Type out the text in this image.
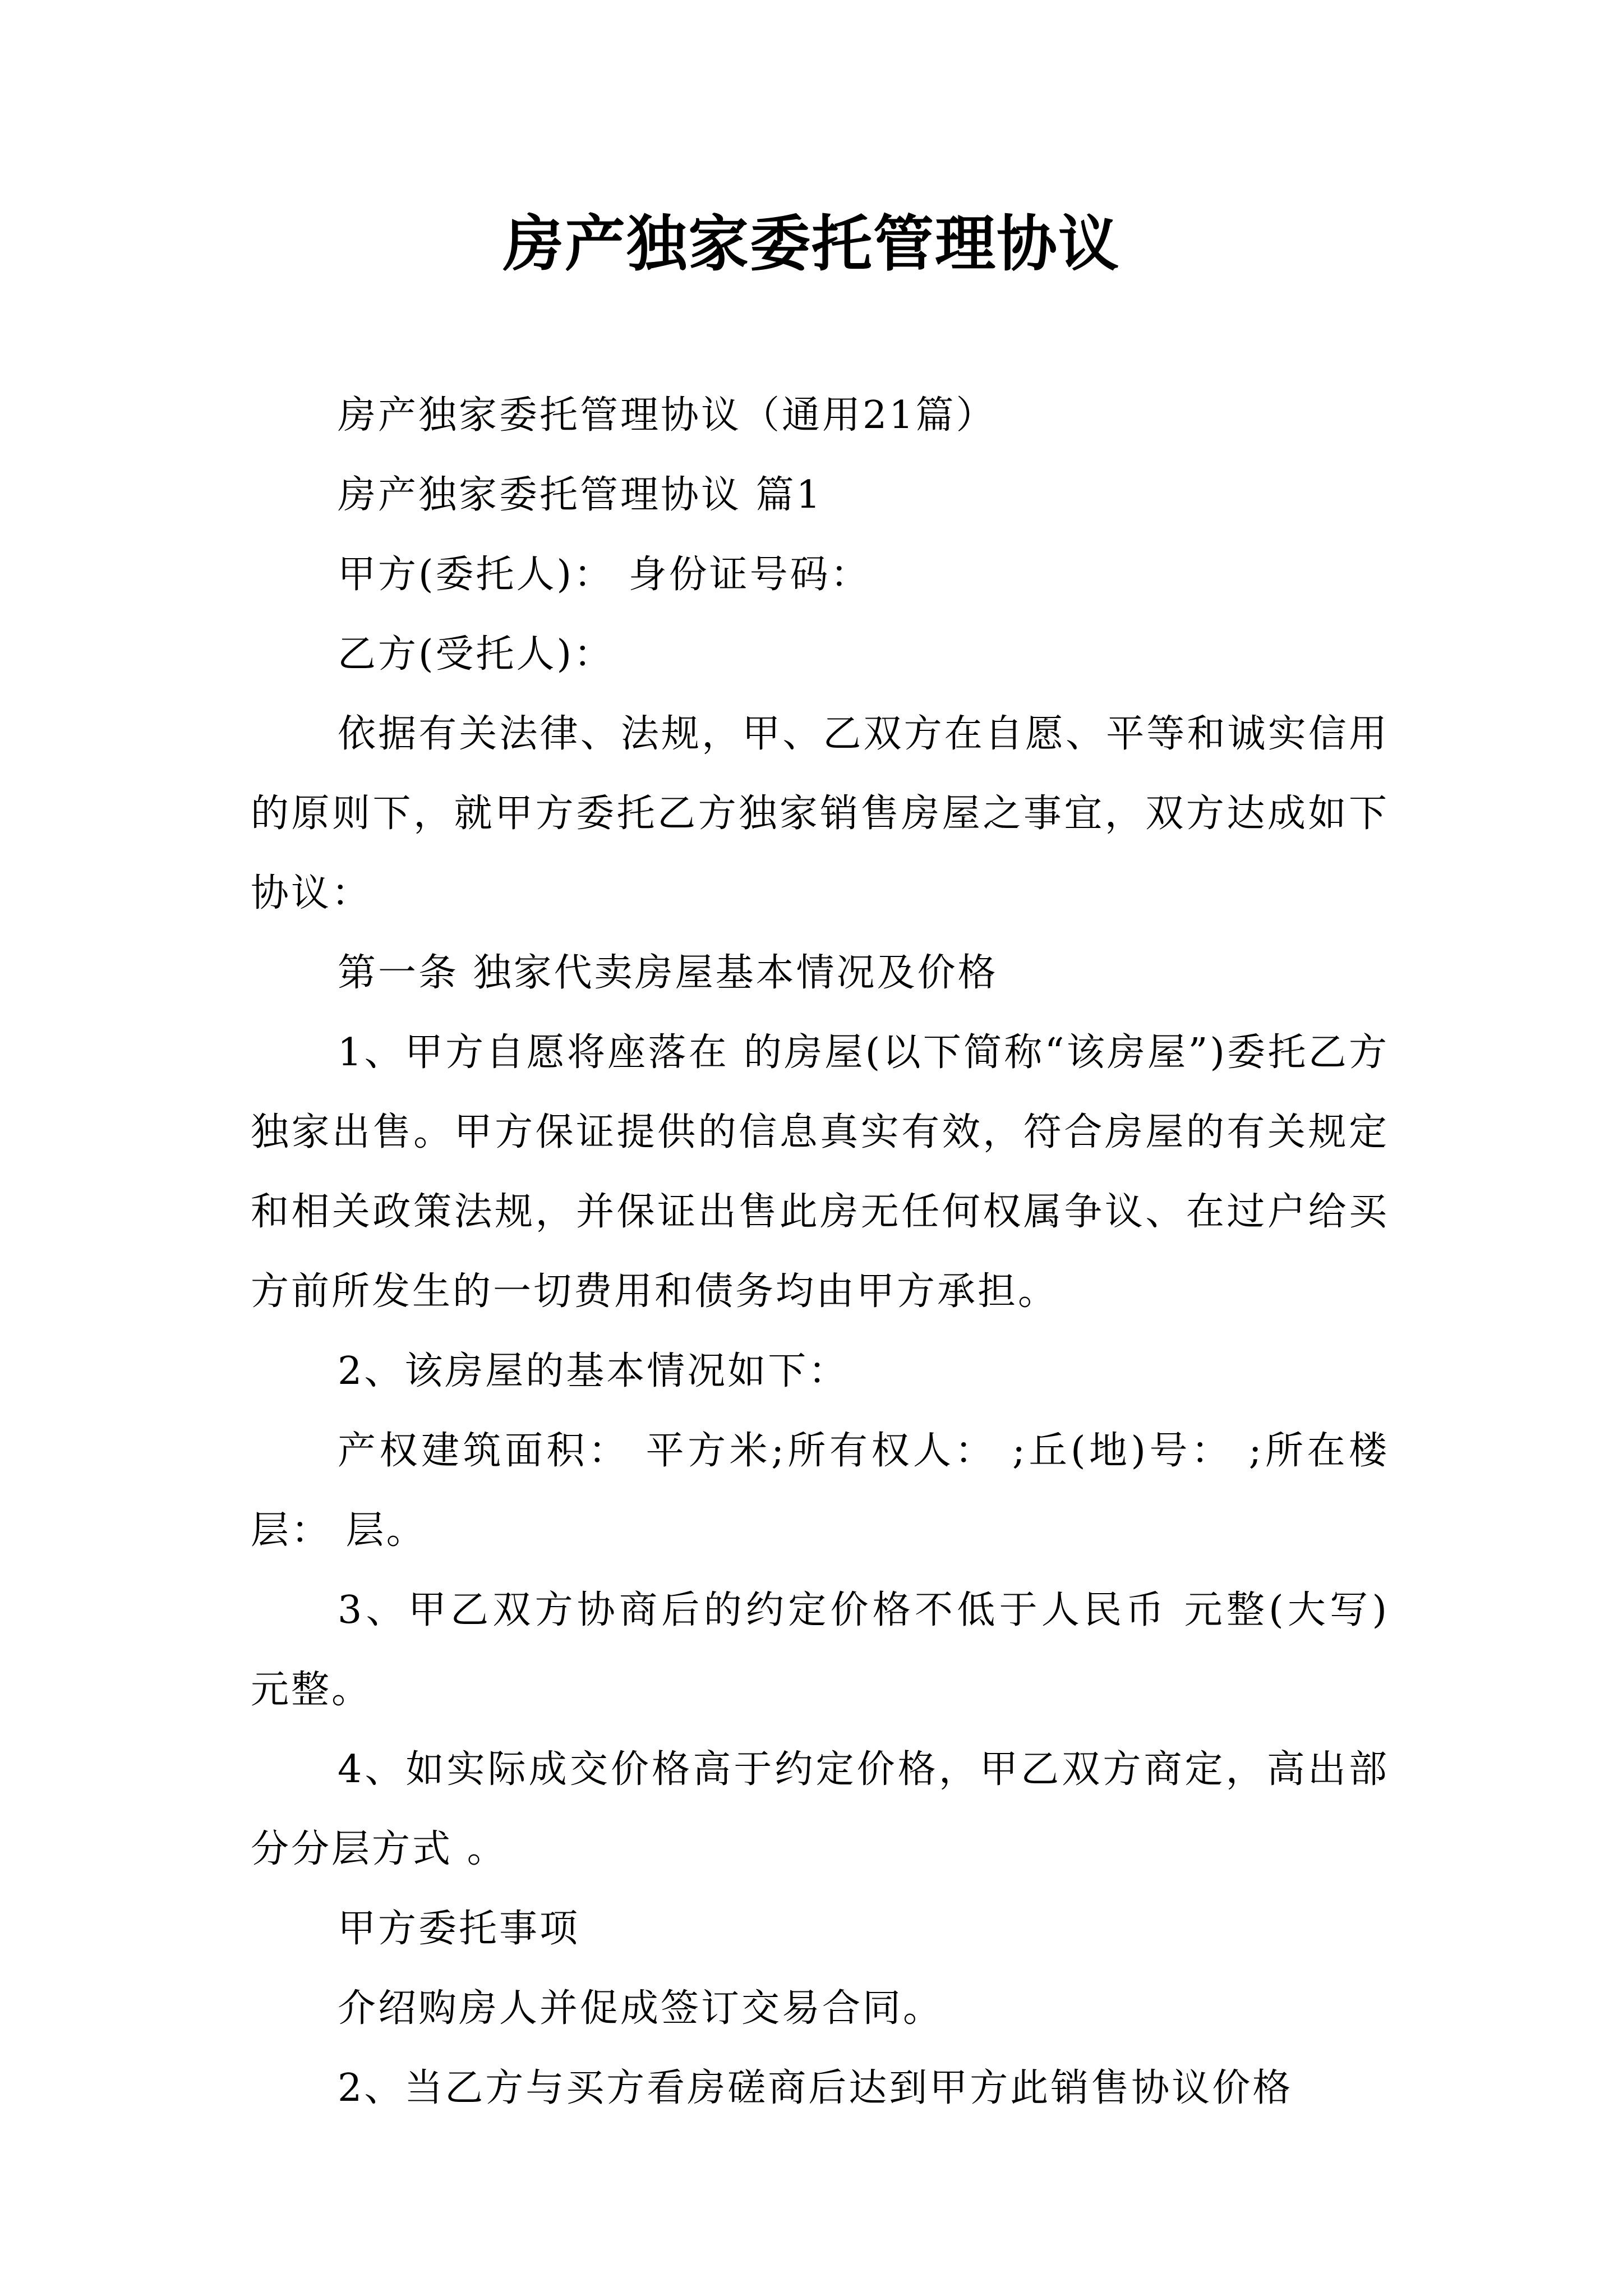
房产独家委托管理协议

房产独家委托管理协议（通用21篇）

房产独家委托管理协议 篇1

甲方(委托人)： 身份证号码：

乙方(受托人)：

依据有关法律、法规，甲、乙双方在自愿、平等和诚实信用的原则下，就甲方委托乙方独家销售房屋之事宜，双方达成如下协议：

第一条 独家代卖房屋基本情况及价格

1、甲方自愿将座落在 的房屋(以下简称“该房屋”)委托乙方独家出售。甲方保证提供的信息真实有效，符合房屋的有关规定和相关政策法规，并保证出售此房无任何权属争议、在过户给买方前所发生的一切费用和债务均由甲方承担。

2、该房屋的基本情况如下：

产权建筑面积： 平方米;所有权人： ;丘(地)号： ;所在楼层： 层。

3、甲乙双方协商后的约定价格不低于人民币 元整(大写) 元整。

4、如实际成交价格高于约定价格，甲乙双方商定，高出部分分层方式 。

甲方委托事项

介绍购房人并促成签订交易合同。

2、当乙方与买方看房磋商后达到甲方此销售协议价格
